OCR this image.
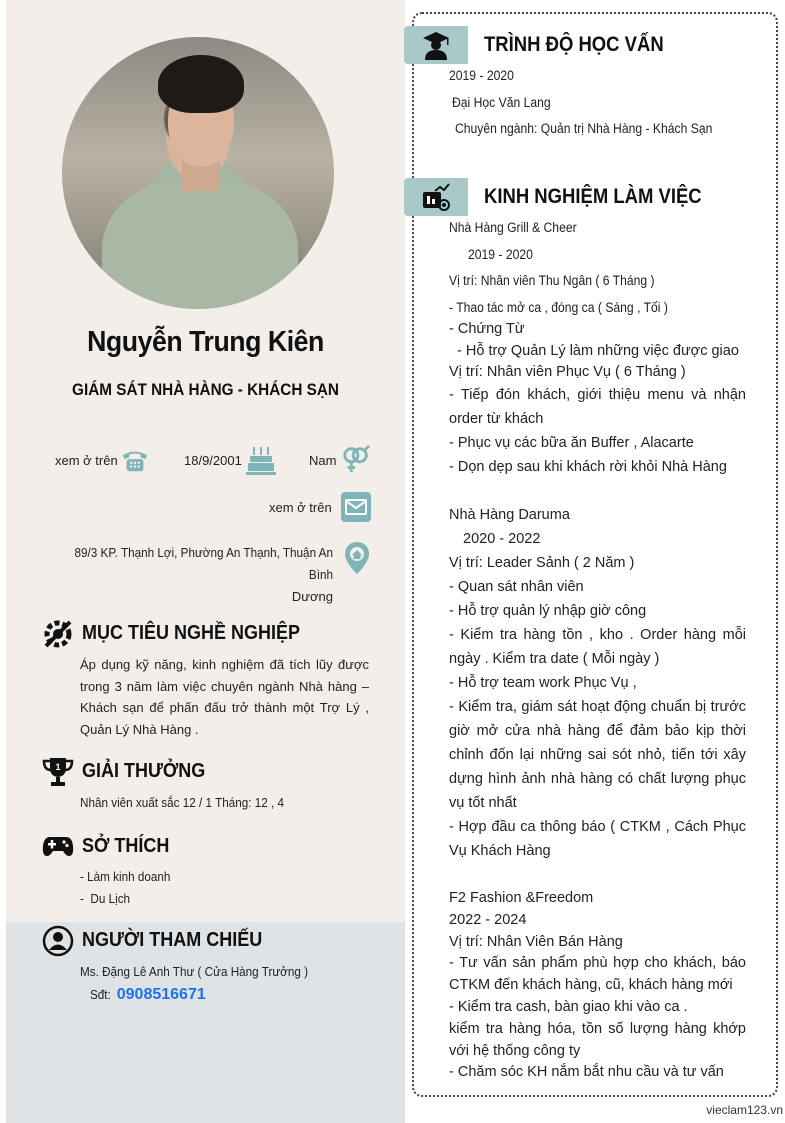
Nguyễn Trung Kiên
GIÁM SÁT NHÀ HÀNG - KHÁCH SẠN
xem ở trên	18/9/2001	Nam
xem ở trên
89/3 KP. Thạnh Lợi, Phường An Thạnh, Thuận An Bình
Dương
MỤC TIÊU NGHỀ NGHIỆP
Áp dụng kỹ năng, kinh nghiệm đã tích lũy được
trong 3 năm làm việc chuyên ngành Nhà hàng –
Khách sạn để phấn đấu trở thành một Trợ Lý ,
Quản Lý Nhà Hàng .
1 GIẢI THƯỞNG
Nhân viên xuất sắc 12 / 1 Tháng: 12 , 4
SỞ THÍCH
- Làm kinh doanh
-  Du Lịch
NGƯỜI THAM CHIẾU
Ms. Đặng Lê Anh Thư ( Cửa Hàng Trưởng )
Sđt: 0908516671
TRÌNH ĐỘ HỌC VẤN
2019 - 2020
Đại Học Văn Lang
Chuyên ngành: Quản trị Nhà Hàng - Khách Sạn
KINH NGHIỆM LÀM VIỆC
Nhà Hàng Grill & Cheer
2019 - 2020
Vị trí: Nhân viên Thu Ngân ( 6 Tháng )
- Thao tác mở ca , đóng ca ( Sáng , Tối )
- Chứng Từ
- Hỗ trợ Quản Lý làm những việc được giao
Vị trí: Nhân viên Phục Vụ ( 6 Tháng )
- Tiếp đón khách, giới thiệu menu và nhận order từ khách
- Phục vụ các bữa ăn Buffer , Alacarte
- Dọn dẹp sau khi khách rời khỏi Nhà Hàng
Nhà Hàng Daruma
2020 - 2022
Vị trí: Leader Sảnh ( 2 Năm )
- Quan sát nhân viên
- Hỗ trợ quản lý nhập giờ công
- Kiểm tra hàng tồn , kho . Order hàng mỗi ngày . Kiểm tra date ( Mỗi ngày )
- Hỗ trợ team work Phục Vụ ,
- Kiểm tra, giám sát hoạt động chuẩn bị trước giờ mở cửa nhà hàng để đảm bảo kịp thời chỉnh đốn lại những sai sót nhỏ, tiến tới xây dựng hình ảnh nhà hàng có chất lượng phục vụ tốt nhất
- Hợp đầu ca thông báo ( CTKM , Cách Phục Vụ Khách Hàng
F2 Fashion &Freedom
2022 - 2024
Vị trí: Nhân Viên Bán Hàng
- Tư vấn sản phẩm phù hợp cho khách, báo CTKM đến khách hàng, cũ, khách hàng mới
- Kiểm tra cash, bàn giao khi vào ca .
kiểm tra hàng hóa, tồn số lượng hàng khớp với hệ thống công ty
- Chăm sóc KH nắm bắt nhu cầu và tư vấn
vieclam123.vn
